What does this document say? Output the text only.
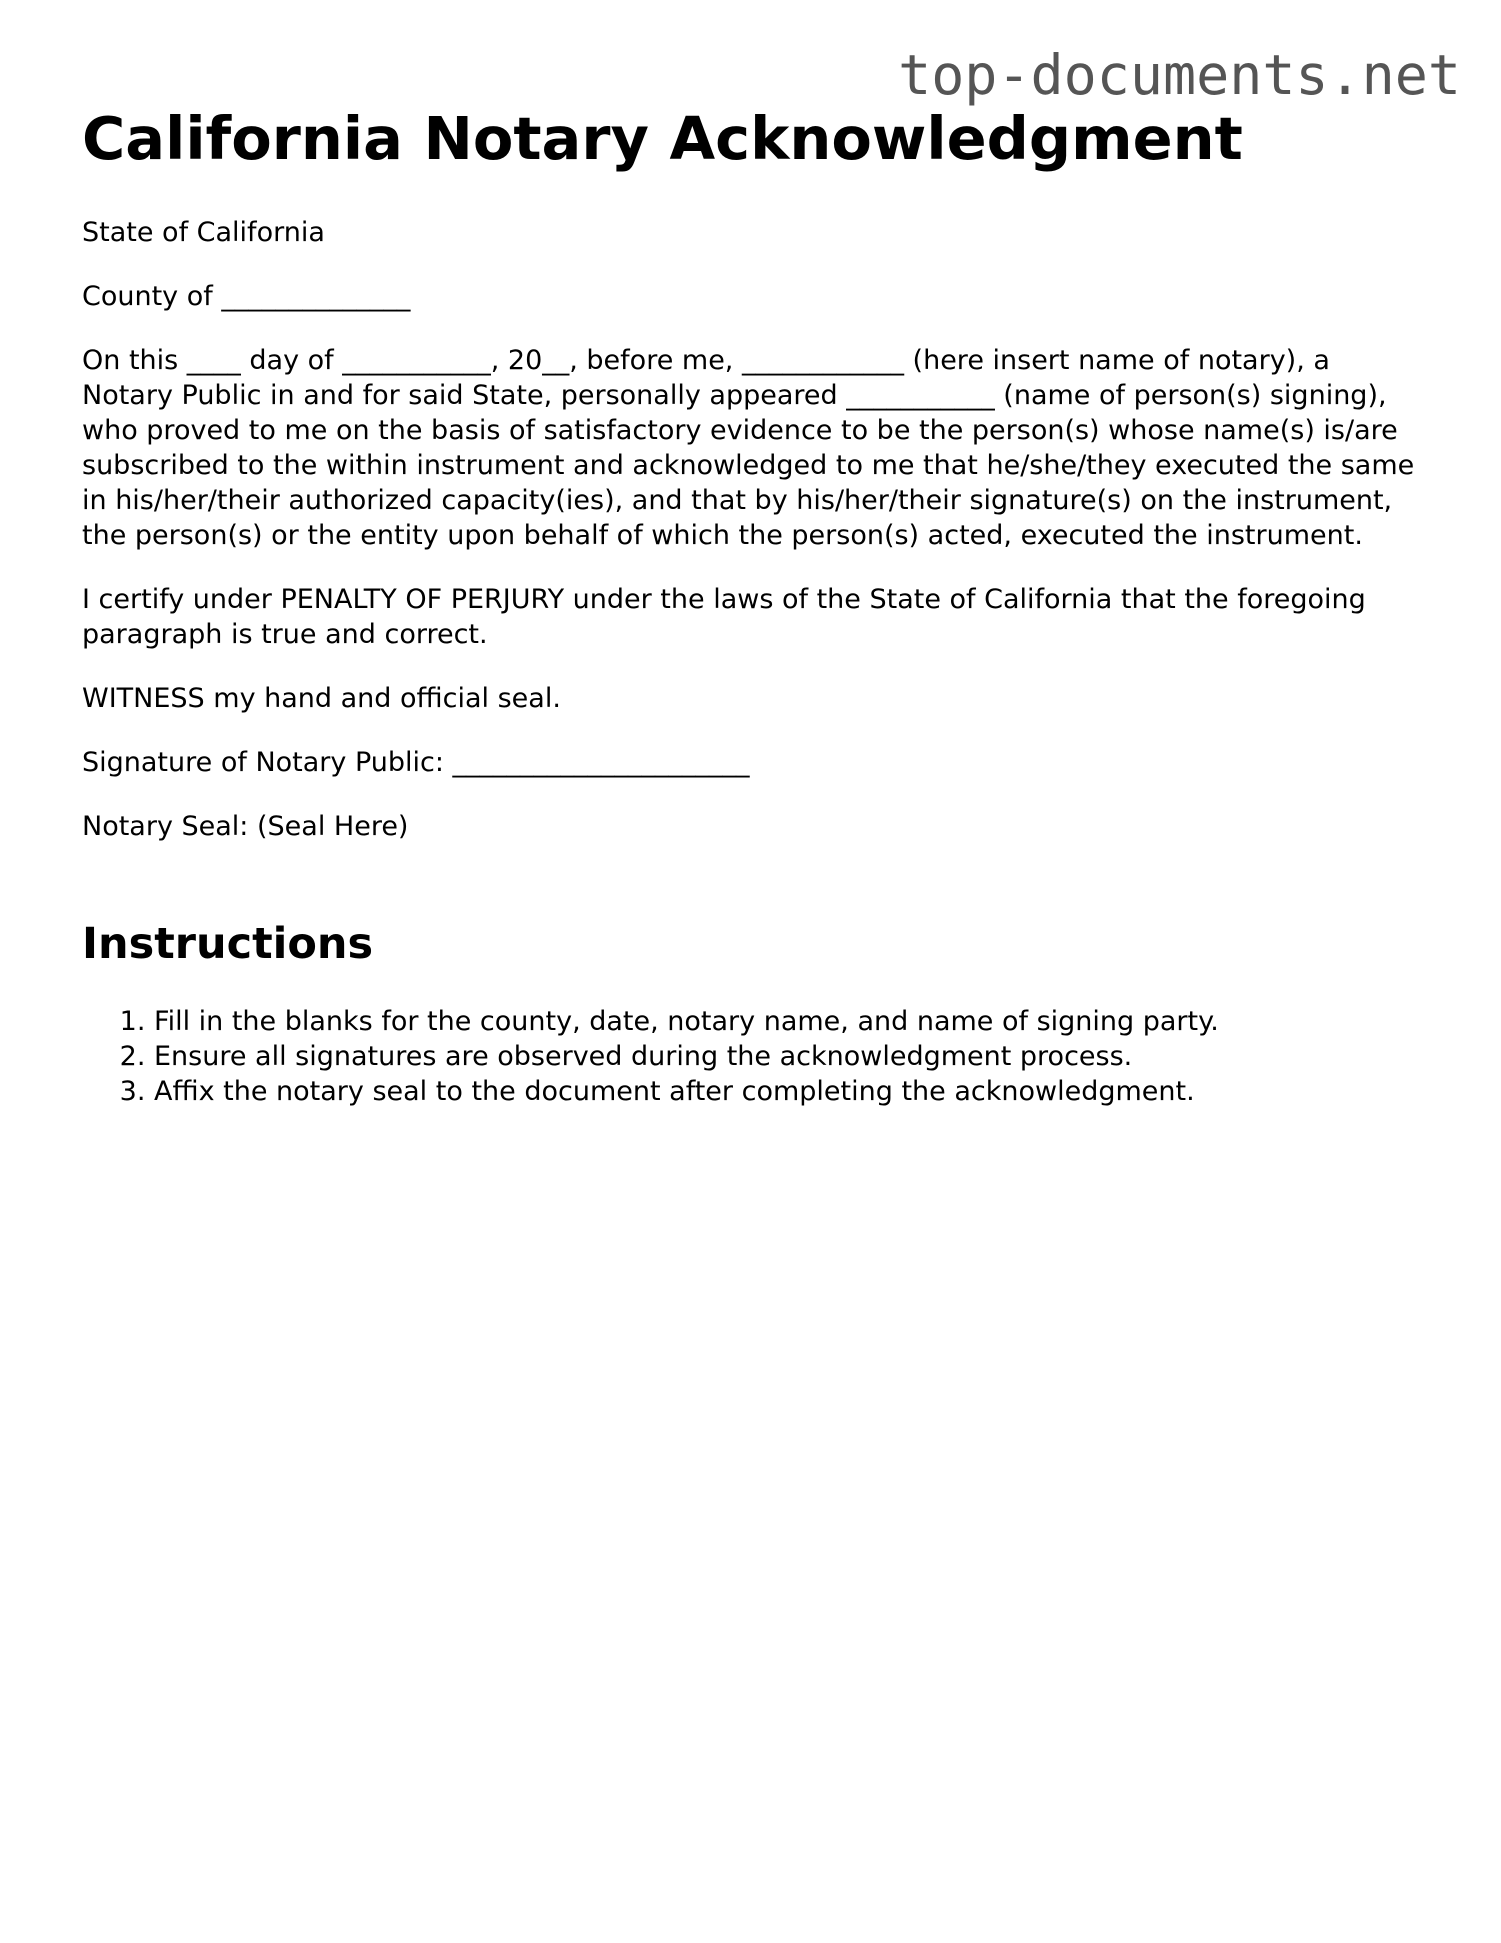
top-documents.net
California Notary Acknowledgment

State of California

County of ______________

On this ____ day of ___________, 20__, before me, ____________ (here insert name of notary), a Notary Public in and for said State, personally appeared ___________ (name of person(s) signing), who proved to me on the basis of satisfactory evidence to be the person(s) whose name(s) is/are subscribed to the within instrument and acknowledged to me that he/she/they executed the same in his/her/their authorized capacity(ies), and that by his/her/their signature(s) on the instrument, the person(s) or the entity upon behalf of which the person(s) acted, executed the instrument.

I certify under PENALTY OF PERJURY under the laws of the State of California that the foregoing paragraph is true and correct.

WITNESS my hand and official seal.

Signature of Notary Public: ______________________

Notary Seal: (Seal Here)

Instructions
1. Fill in the blanks for the county, date, notary name, and name of signing party.
2. Ensure all signatures are observed during the acknowledgment process.
3. Affix the notary seal to the document after completing the acknowledgment.
